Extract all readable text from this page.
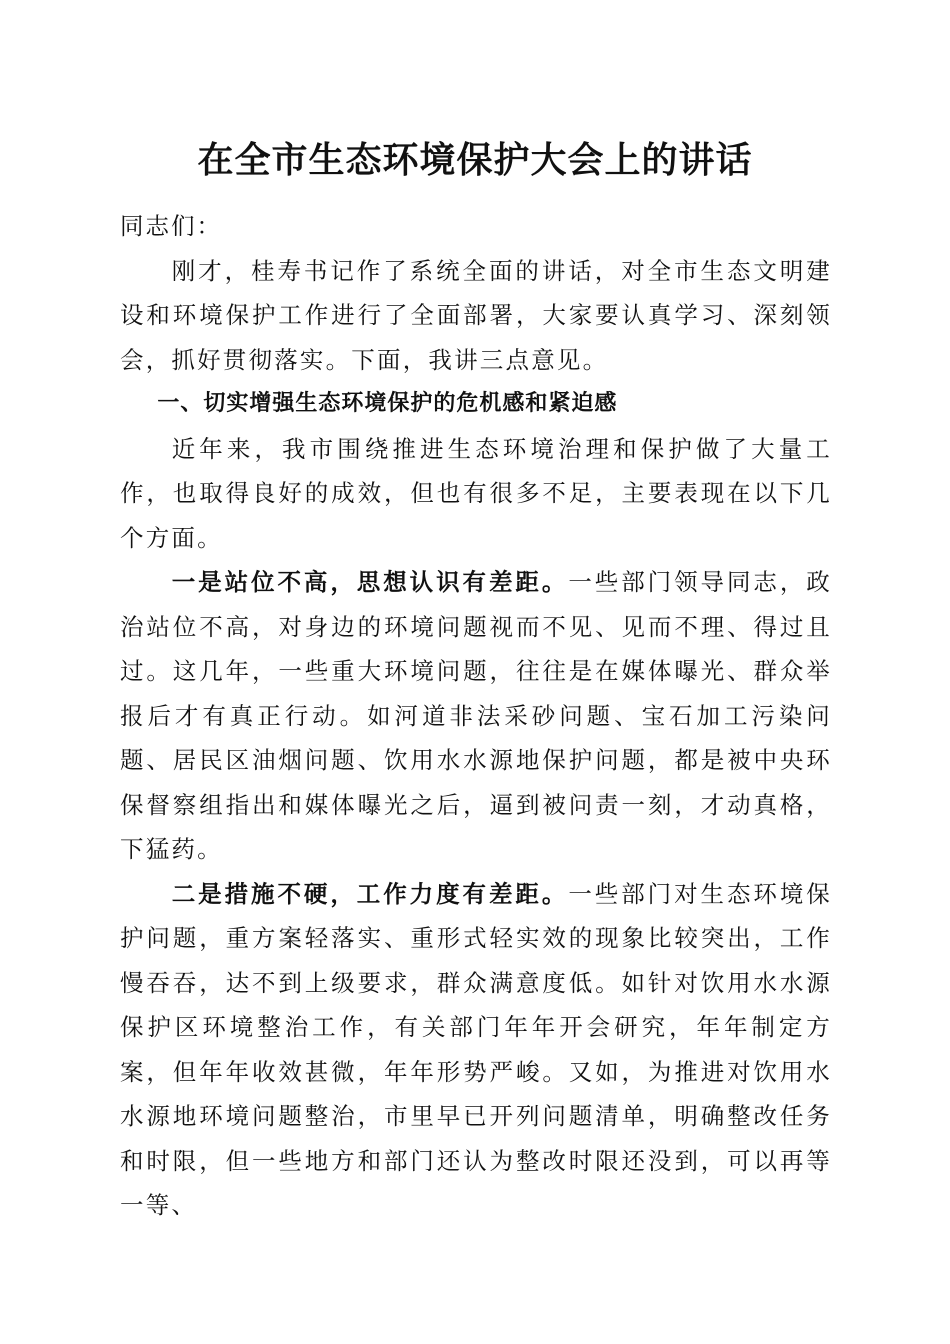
在全市生态环境保护大会上的讲话

同志们：

刚才，桂寿书记作了系统全面的讲话，对全市生态文明建设和环境保护工作进行了全面部署，大家要认真学习、深刻领会，抓好贯彻落实。下面，我讲三点意见。

一、切实增强生态环境保护的危机感和紧迫感

近年来，我市围绕推进生态环境治理和保护做了大量工作，也取得良好的成效，但也有很多不足，主要表现在以下几个方面。

一是站位不高，思想认识有差距。一些部门领导同志，政治站位不高，对身边的环境问题视而不见、见而不理、得过且过。这几年，一些重大环境问题，往往是在媒体曝光、群众举报后才有真正行动。如河道非法采砂问题、宝石加工污染问题、居民区油烟问题、饮用水水源地保护问题，都是被中央环保督察组指出和媒体曝光之后，逼到被问责一刻，才动真格，下猛药。

二是措施不硬，工作力度有差距。一些部门对生态环境保护问题，重方案轻落实、重形式轻实效的现象比较突出，工作慢吞吞，达不到上级要求，群众满意度低。如针对饮用水水源保护区环境整治工作，有关部门年年开会研究，年年制定方案，但年年收效甚微，年年形势严峻。又如，为推进对饮用水水源地环境问题整治，市里早已开列问题清单，明确整改任务和时限，但一些地方和部门还认为整改时限还没到，可以再等一等、
